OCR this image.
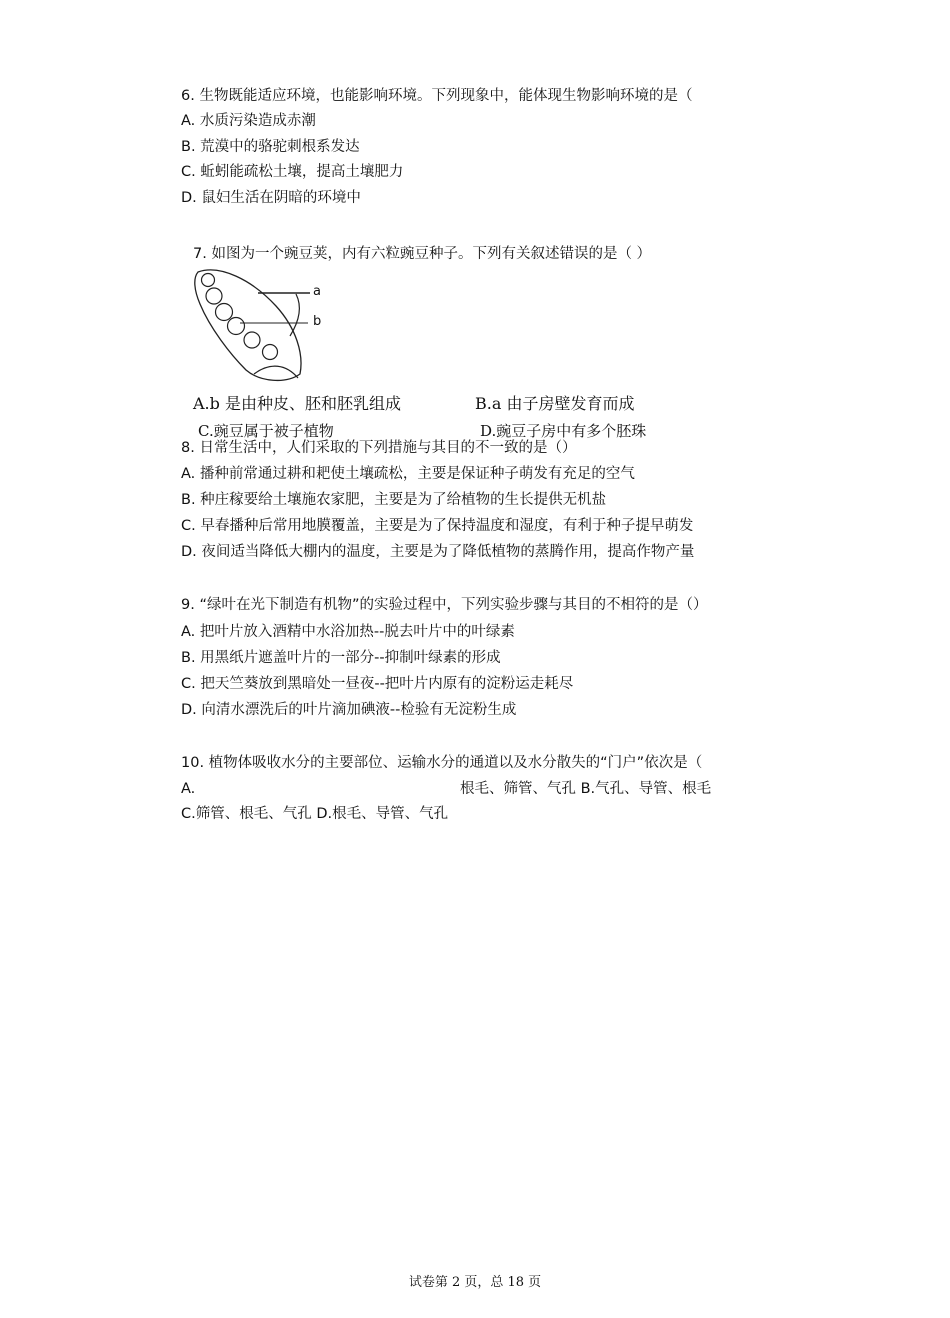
6. 生物既能适应环境，也能影响环境。下列现象中，能体现生物影响环境的是（
A. 水质污染造成赤潮
B. 荒漠中的骆驼刺根系发达
C. 蚯蚓能疏松土壤，提高土壤肥力
D. 鼠妇生活在阴暗的环境中
7. 如图为一个豌豆荚，内有六粒豌豆种子。下列有关叙述错误的是（ ）
a
b
A.b 是由种皮、胚和胚乳组成	B.a 由子房壁发育而成
C.豌豆属于被子植物	D.豌豆子房中有多个胚珠
8. 日常生活中，人们采取的下列措施与其目的不一致的是（）
A. 播种前常通过耕和耙使土壤疏松，主要是保证种子萌发有充足的空气
B. 种庄稼要给土壤施农家肥，主要是为了给植物的生长提供无机盐
C. 早春播种后常用地膜覆盖，主要是为了保持温度和湿度，有利于种子提早萌发
D. 夜间适当降低大棚内的温度，主要是为了降低植物的蒸腾作用，提高作物产量
9. “绿叶在光下制造有机物”的实验过程中，下列实验步骤与其目的不相符的是（）
A. 把叶片放入酒精中水浴加热--脱去叶片中的叶绿素
B. 用黑纸片遮盖叶片的一部分--抑制叶绿素的形成
C. 把天竺葵放到黑暗处一昼夜--把叶片内原有的淀粉运走耗尽
D. 向清水漂洗后的叶片滴加碘液--检验有无淀粉生成
10. 植物体吸收水分的主要部位、运输水分的通道以及水分散失的“门户”依次是（
A.	根毛、筛管、气孔 B.气孔、导管、根毛
C.筛管、根毛、气孔 D.根毛、导管、气孔
试卷第 2 页，总 18 页
